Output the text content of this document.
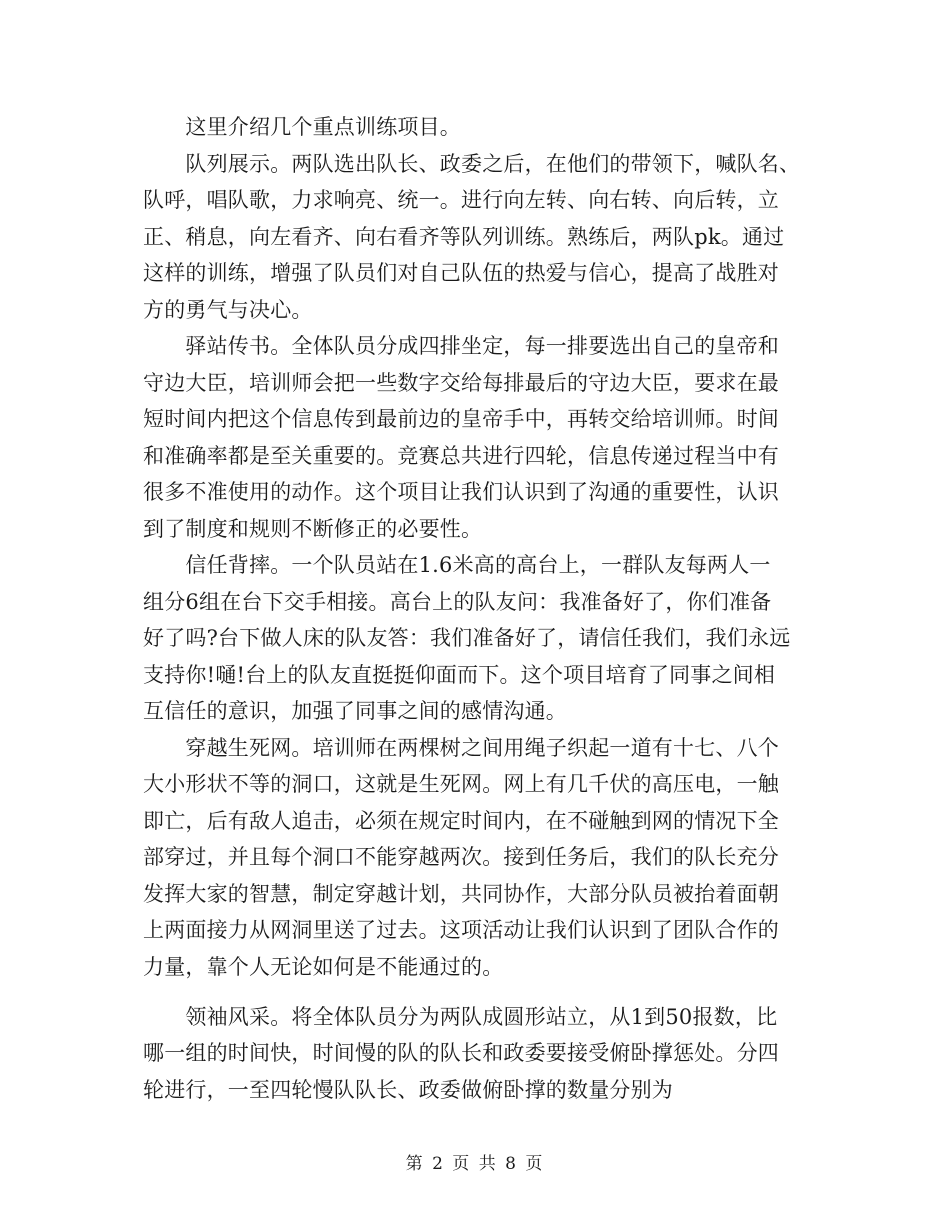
　　这里介绍几个重点训练项目。
　　队列展示。两队选出队长、政委之后，在他们的带领下，喊队名、
队呼，唱队歌，力求响亮、统一。进行向左转、向右转、向后转，立
正、稍息，向左看齐、向右看齐等队列训练。熟练后，两队pk。通过
这样的训练，增强了队员们对自己队伍的热爱与信心，提高了战胜对
方的勇气与决心。
　　驿站传书。全体队员分成四排坐定，每一排要选出自己的皇帝和
守边大臣，培训师会把一些数字交给每排最后的守边大臣，要求在最
短时间内把这个信息传到最前边的皇帝手中，再转交给培训师。时间
和准确率都是至关重要的。竞赛总共进行四轮，信息传递过程当中有
很多不准使用的动作。这个项目让我们认识到了沟通的重要性，认识
到了制度和规则不断修正的必要性。
　　信任背摔。一个队员站在1.6米高的高台上，一群队友每两人一
组分6组在台下交手相接。高台上的队友问：我准备好了，你们准备
好了吗?台下做人床的队友答：我们准备好了，请信任我们，我们永远
支持你!嗵!台上的队友直挺挺仰面而下。这个项目培育了同事之间相
互信任的意识，加强了同事之间的感情沟通。
　　穿越生死网。培训师在两棵树之间用绳子织起一道有十七、八个
大小形状不等的洞口，这就是生死网。网上有几千伏的高压电，一触
即亡，后有敌人追击，必须在规定时间内，在不碰触到网的情况下全
部穿过，并且每个洞口不能穿越两次。接到任务后，我们的队长充分
发挥大家的智慧，制定穿越计划，共同协作，大部分队员被抬着面朝
上两面接力从网洞里送了过去。这项活动让我们认识到了团队合作的
力量，靠个人无论如何是不能通过的。
　　领袖风采。将全体队员分为两队成圆形站立，从1到50报数，比
哪一组的时间快，时间慢的队的队长和政委要接受俯卧撑惩处。分四
轮进行，一至四轮慢队队长、政委做俯卧撑的数量分别为
第 2 页 共 8 页
